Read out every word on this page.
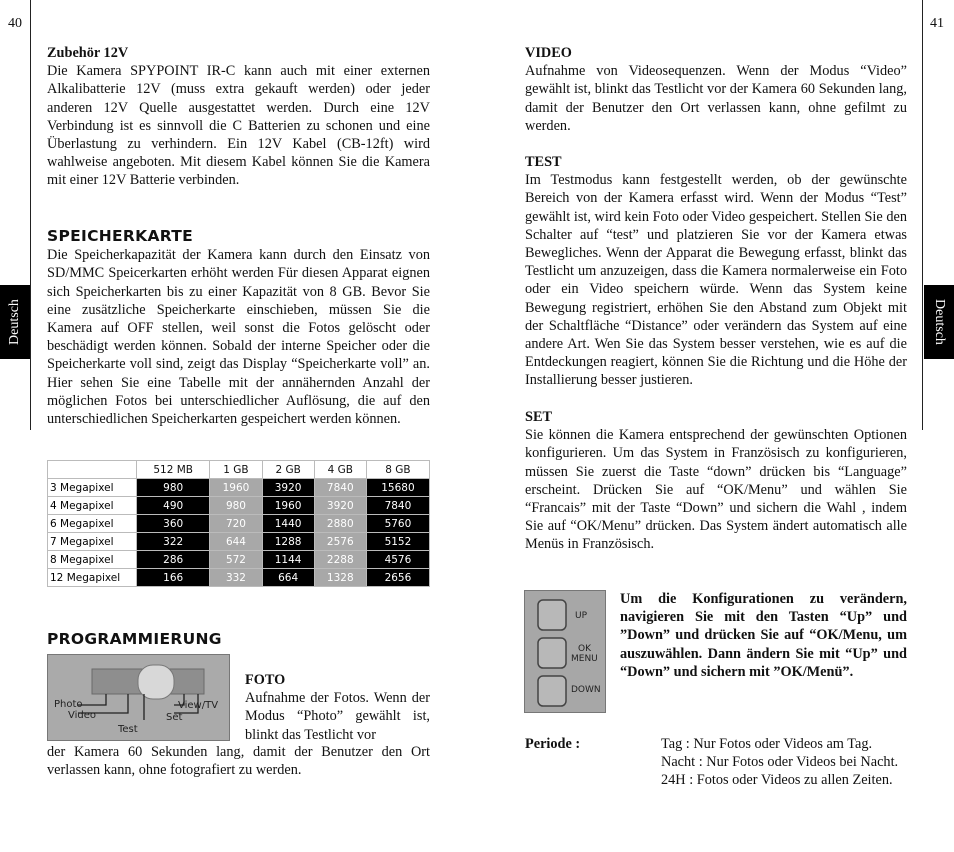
40	41
Deutsch	Deutsch

Zubehör 12V

Die Kamera SPYPOINT IR-C kann auch mit einer externen Alkalibatterie 12V (muss extra gekauft werden) oder jeder anderen 12V Quelle ausgestattet werden. Durch eine 12V Verbindung ist es sinnvoll die C Batterien zu schonen und eine Überlastung zu verhindern. Ein 12V Kabel (CB-12ft) wird wahlweise angeboten. Mit diesem Kabel können Sie die Kamera mit einer 12V Batterie verbinden.

SPEICHERKARTE

Die Speicherkapazität der Kamera kann durch den Einsatz von SD/MMC Speicerkarten erhöht werden Für diesen Apparat eignen sich Speicherkarten bis zu einer Kapazität von 8 GB. Bevor Sie eine zusätzliche Speicherkarte einschieben, müssen Sie die Kamera auf OFF stellen, weil sonst die Fotos gelöscht oder beschädigt werden können. Sobald der interne Speicher oder die Speicherkarte voll sind, zeigt das Display “Speicherkarte voll” an. Hier sehen Sie eine Tabelle mit der annähernden Anzahl der möglichen Fotos bei unterschiedlicher Auflösung, die auf den unterschiedlichen Speicherkarten gespeichert werden können.

	512 MB	1 GB	2 GB	4 GB	8 GB
3 Megapixel	980	1960	3920	7840	15680
4 Megapixel	490	980	1960	3920	7840
6 Megapixel	360	720	1440	2880	5760
7 Megapixel	322	644	1288	2576	5152
8 Megapixel	286	572	1144	2288	4576
12 Megapixel	166	332	664	1328	2656

PROGRAMMIERUNG

Photo
Video
Test
View/TV
Set

FOTO

Aufnahme der Fotos. Wenn der Modus “Photo” gewählt ist, blinkt das Testlicht vor

der Kamera 60 Sekunden lang, damit der Benutzer den Ort verlassen kann, ohne fotografiert zu werden.

VIDEO

Aufnahme von Videosequenzen. Wenn der Modus “Video” gewählt ist, blinkt das Testlicht vor der Kamera 60 Sekunden lang, damit der Benutzer den Ort verlassen kann, ohne gefilmt zu werden.

TEST

Im Testmodus kann festgestellt werden, ob der gewünschte Bereich von der Kamera erfasst wird. Wenn der Modus “Test” gewählt ist, wird kein Foto oder Video gespeichert. Stellen Sie den Schalter auf “test” und platzieren Sie vor der Kamera etwas Bewegliches. Wenn der Apparat die Bewegung erfasst, blinkt das Testlicht um anzuzeigen, dass die Kamera normalerweise ein Foto oder ein Video speichern würde. Wenn das System keine Bewegung registriert, erhöhen Sie den Abstand zum Objekt mit der Schaltfläche “Distance” oder verändern das System auf eine andere Art. Wen Sie das System besser verstehen, wie es auf die Entdeckungen reagiert, können Sie die Richtung und die Höhe der Installierung besser justieren.

SET

Sie können die Kamera entsprechend der gewünschten Optionen konfigurieren. Um das System in Französisch zu konfigurieren, müssen Sie zuerst die Taste “down” drücken bis “Language” erscheint. Drücken Sie auf “OK/Menu” und wählen Sie “Francais” mit der Taste “Down” und sichern die Wahl , indem Sie auf “OK/Menu” drücken. Das System ändert automatisch alle Menüs in Französisch.

UP
OK
MENU
DOWN
Um die Konfigurationen zu verändern, navigieren Sie mit den Tasten “Up” und ”Down” und drücken Sie auf “OK/Menu, um auszuwählen. Dann ändern Sie mit “Up” und “Down” und sichern mit ”OK/Menü”.
Periode :	Tag : Nur Fotos oder Videos am Tag.
Nacht : Nur Fotos oder Videos bei Nacht.
24H : Fotos oder Videos zu allen Zeiten.
